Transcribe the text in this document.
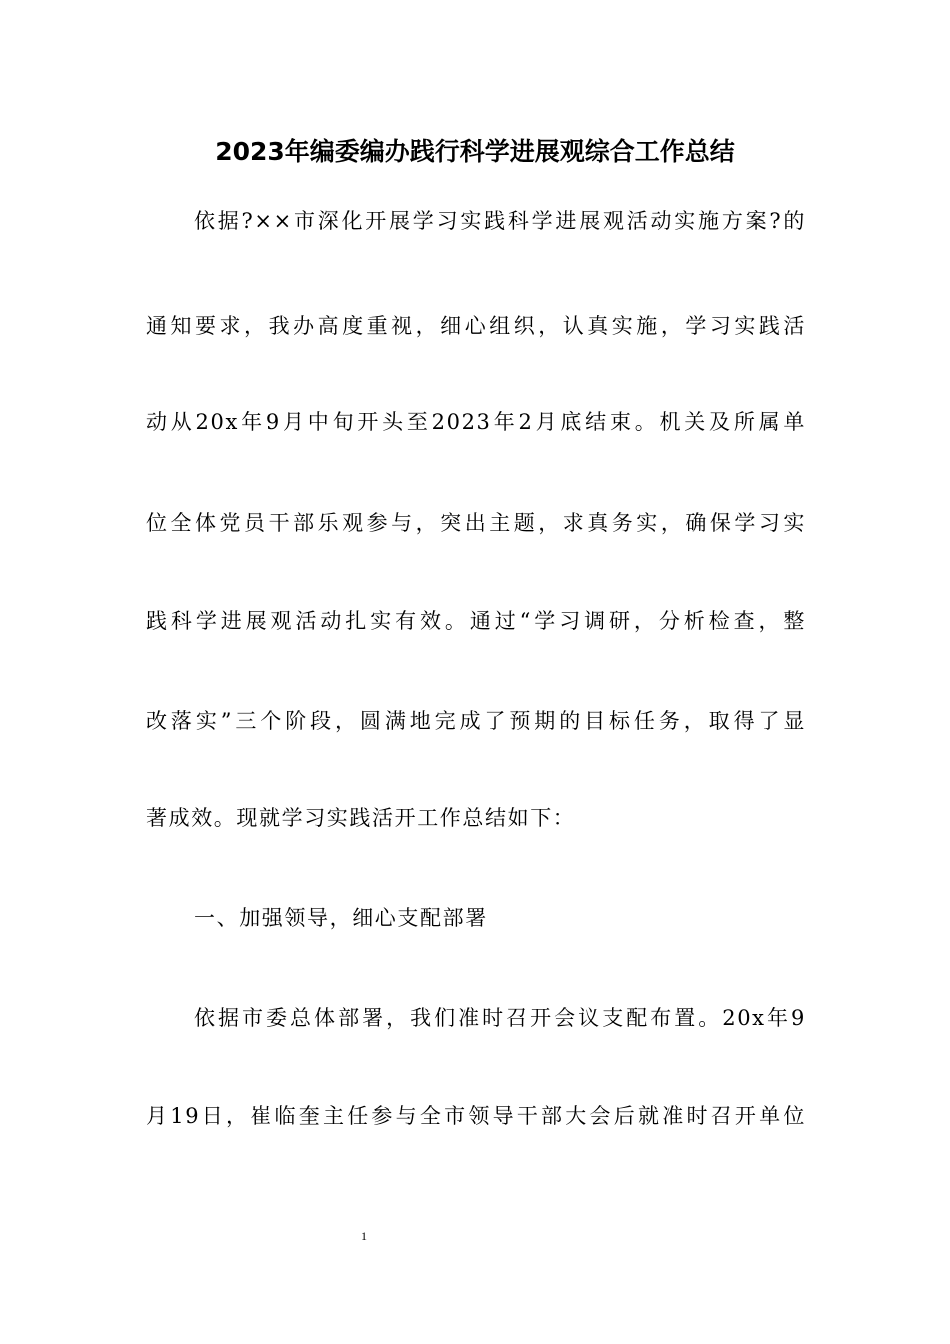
2023年编委编办践行科学进展观综合工作总结
依据?××市深化开展学习实践科学进展观活动实施方案?的
通知要求，我办高度重视，细心组织，认真实施，学习实践活
动从20x年9月中旬开头至2023年2月底结束。机关及所属单
位全体党员干部乐观参与，突出主题，求真务实，确保学习实
践科学进展观活动扎实有效。通过“学习调研，分析检查，整
改落实”三个阶段，圆满地完成了预期的目标任务，取得了显
著成效。现就学习实践活开工作总结如下：
一、加强领导，细心支配部署
依据市委总体部署，我们准时召开会议支配布置。20x年9
月19日，崔临奎主任参与全市领导干部大会后就准时召开单位
1
